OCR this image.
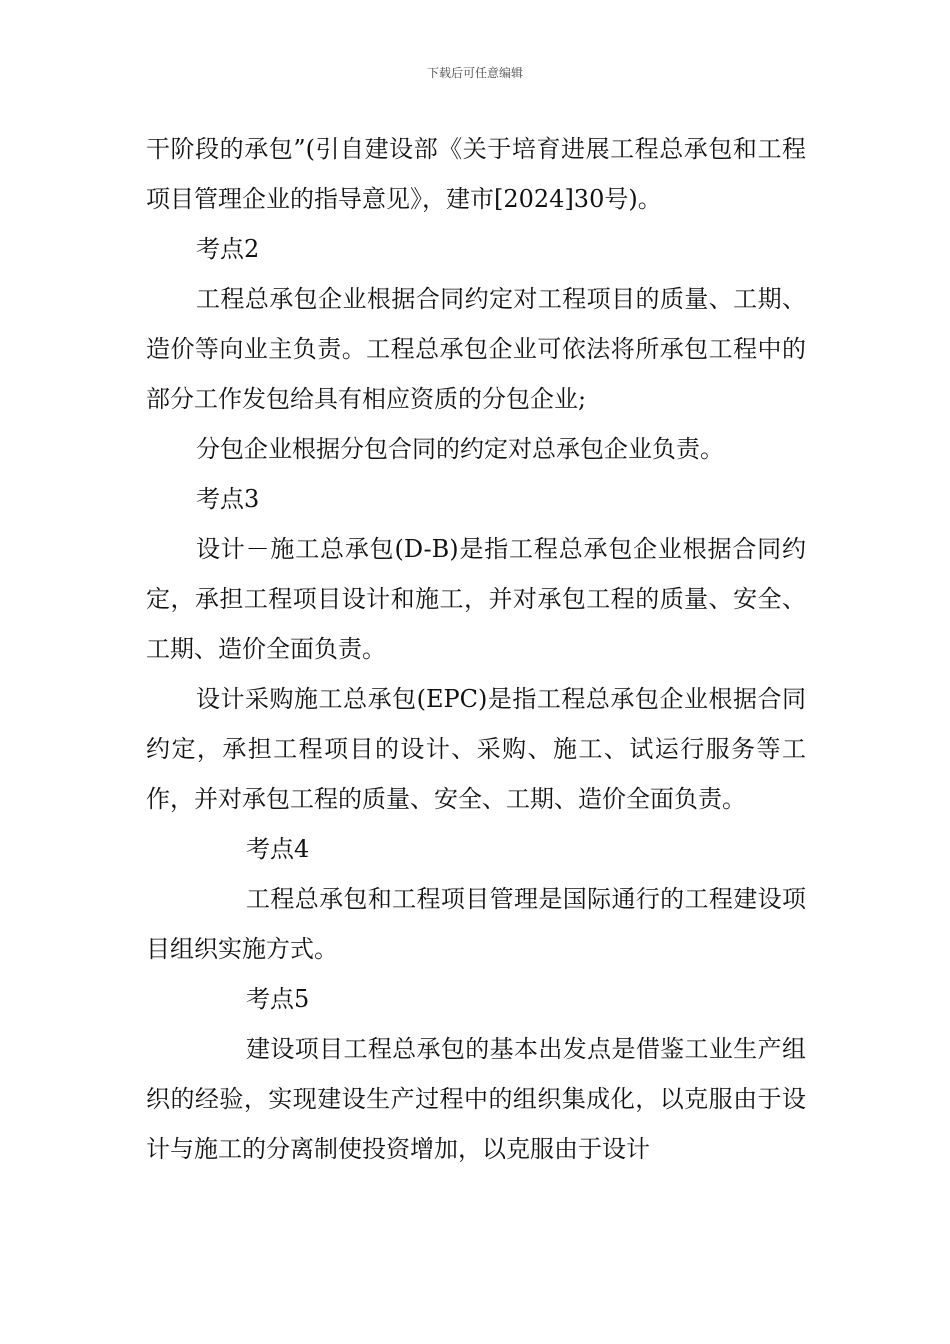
下载后可任意编辑

干阶段的承包”(引自建设部《关于培育进展工程总承包和工程项目管理企业的指导意见》，建市[2024]30号)。

考点2

工程总承包企业根据合同约定对工程项目的质量、工期、造价等向业主负责。工程总承包企业可依法将所承包工程中的部分工作发包给具有相应资质的分包企业;

分包企业根据分包合同的约定对总承包企业负责。

考点3

设计－施工总承包(D-B)是指工程总承包企业根据合同约定，承担工程项目设计和施工，并对承包工程的质量、安全、工期、造价全面负责。

设计采购施工总承包(EPC)是指工程总承包企业根据合同约定，承担工程项目的设计、采购、施工、试运行服务等工作，并对承包工程的质量、安全、工期、造价全面负责。

考点4

工程总承包和工程项目管理是国际通行的工程建设项目组织实施方式。

考点5

建设项目工程总承包的基本出发点是借鉴工业生产组织的经验，实现建设生产过程中的组织集成化，以克服由于设计与施工的分离制使投资增加，以克服由于设计
